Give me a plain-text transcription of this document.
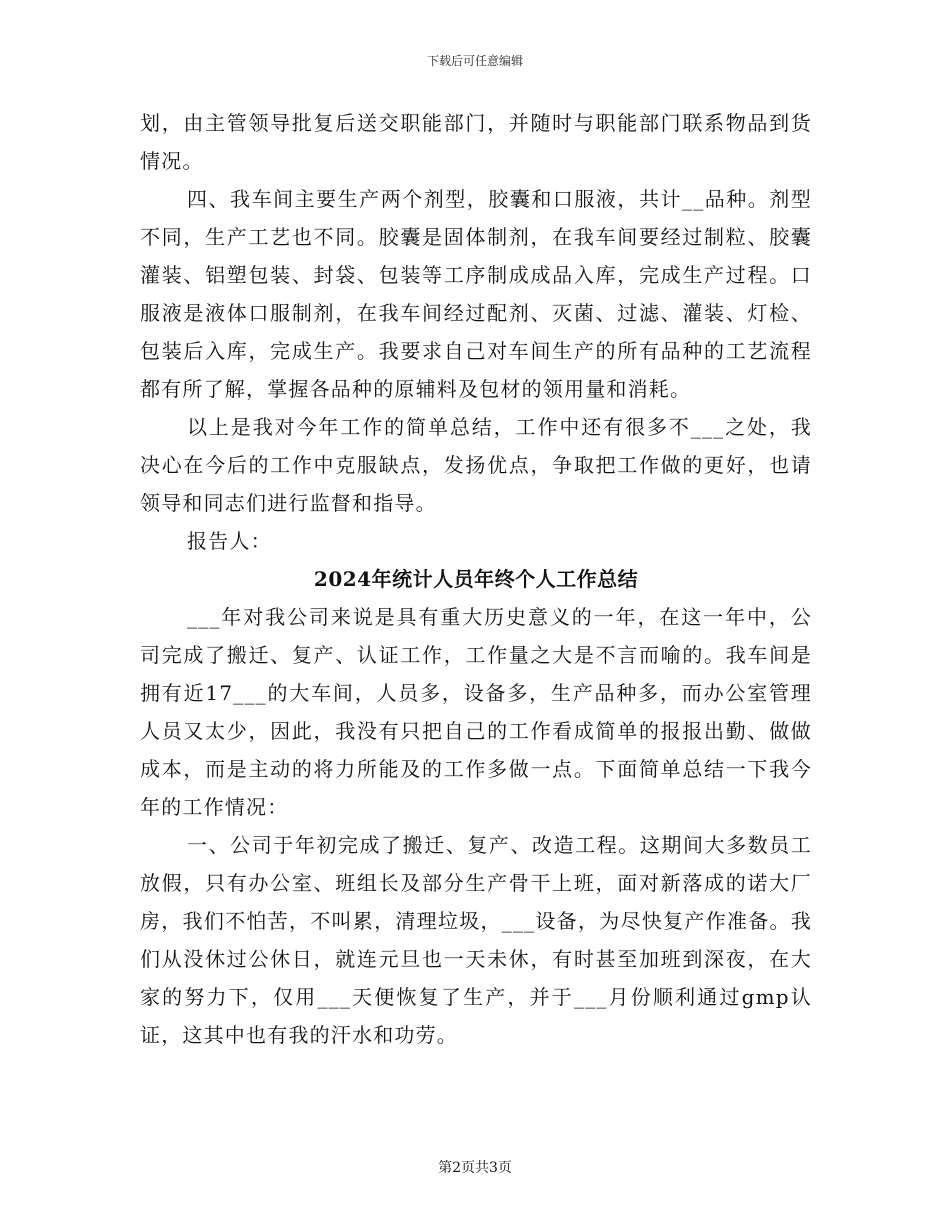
下载后可任意编辑

划，由主管领导批复后送交职能部门，并随时与职能部门联系物品到货情况。

四、我车间主要生产两个剂型，胶囊和口服液，共计__品种。剂型不同，生产工艺也不同。胶囊是固体制剂，在我车间要经过制粒、胶囊灌装、铝塑包装、封袋、包装等工序制成成品入库，完成生产过程。口服液是液体口服制剂，在我车间经过配剂、灭菌、过滤、灌装、灯检、包装后入库，完成生产。我要求自己对车间生产的所有品种的工艺流程都有所了解，掌握各品种的原辅料及包材的领用量和消耗。

以上是我对今年工作的简单总结，工作中还有很多不___之处，我决心在今后的工作中克服缺点，发扬优点，争取把工作做的更好，也请领导和同志们进行监督和指导。

报告人：

2024年统计人员年终个人工作总结

___年对我公司来说是具有重大历史意义的一年，在这一年中，公司完成了搬迁、复产、认证工作，工作量之大是不言而喻的。我车间是拥有近17___的大车间，人员多，设备多，生产品种多，而办公室管理人员又太少，因此，我没有只把自己的工作看成简单的报报出勤、做做成本，而是主动的将力所能及的工作多做一点。下面简单总结一下我今年的工作情况：

一、公司于年初完成了搬迁、复产、改造工程。这期间大多数员工放假，只有办公室、班组长及部分生产骨干上班，面对新落成的诺大厂房，我们不怕苦，不叫累，清理垃圾，___设备，为尽快复产作准备。我们从没休过公休日，就连元旦也一天未休，有时甚至加班到深夜，在大家的努力下，仅用___天便恢复了生产，并于___月份顺利通过gmp认证，这其中也有我的汗水和功劳。

第2页共3页
